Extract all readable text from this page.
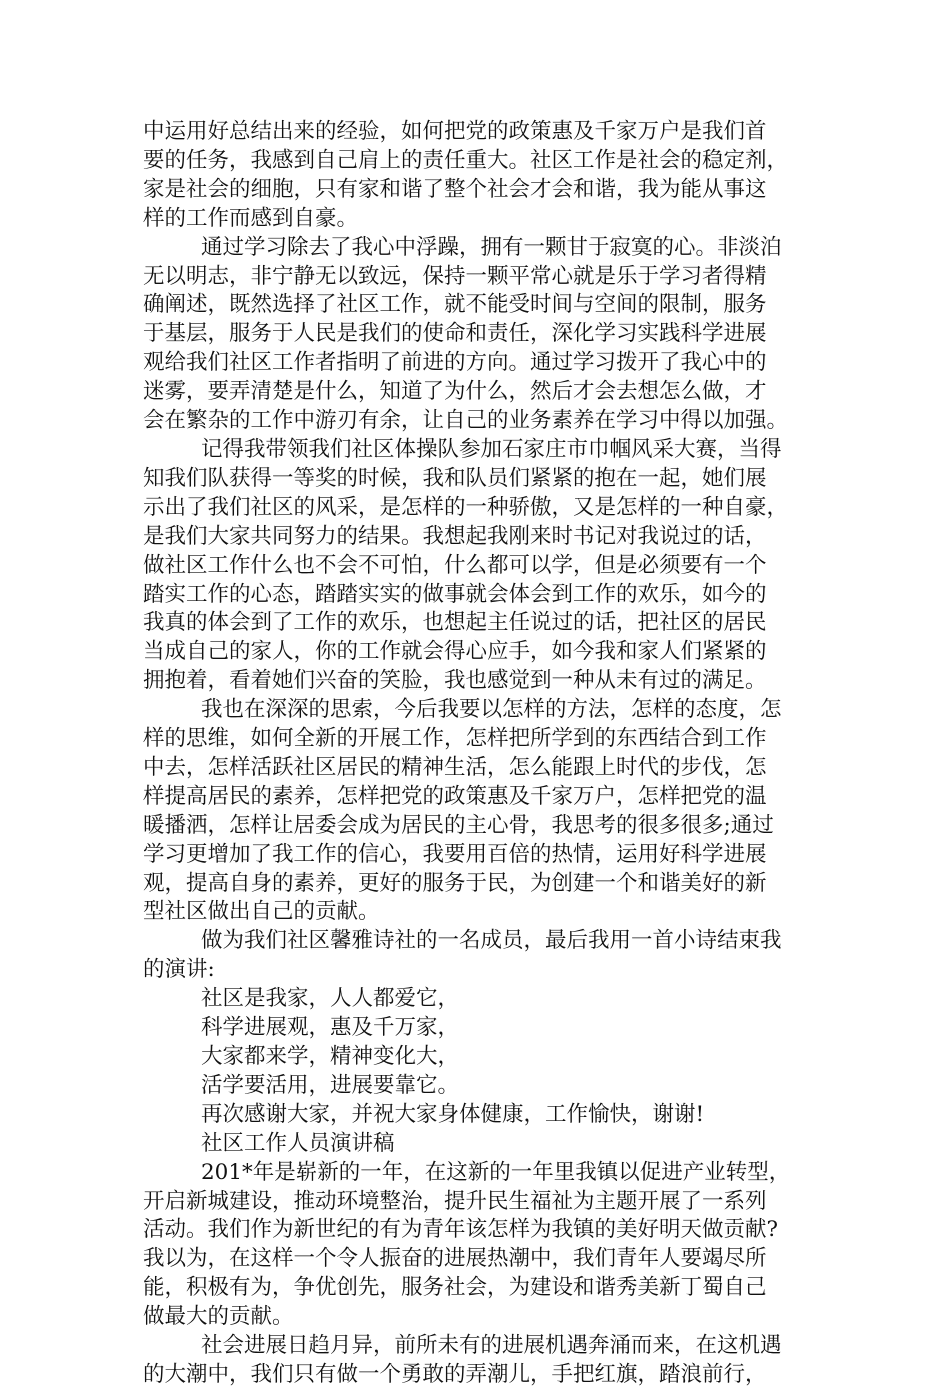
中运用好总结出来的经验，如何把党的政策惠及千家万户是我们首

要的任务，我感到自己肩上的责任重大。社区工作是社会的稳定剂，

家是社会的细胞，只有家和谐了整个社会才会和谐，我为能从事这

样的工作而感到自豪。

通过学习除去了我心中浮躁，拥有一颗甘于寂寞的心。非淡泊

无以明志，非宁静无以致远，保持一颗平常心就是乐于学习者得精

确阐述，既然选择了社区工作，就不能受时间与空间的限制，服务

于基层，服务于人民是我们的使命和责任，深化学习实践科学进展

观给我们社区工作者指明了前进的方向。通过学习拨开了我心中的

迷雾，要弄清楚是什么，知道了为什么，然后才会去想怎么做，才

会在繁杂的工作中游刃有余，让自己的业务素养在学习中得以加强。

记得我带领我们社区体操队参加石家庄市巾帼风采大赛，当得

知我们队获得一等奖的时候，我和队员们紧紧的抱在一起，她们展

示出了我们社区的风采，是怎样的一种骄傲，又是怎样的一种自豪，

是我们大家共同努力的结果。我想起我刚来时书记对我说过的话，

做社区工作什么也不会不可怕，什么都可以学，但是必须要有一个

踏实工作的心态，踏踏实实的做事就会体会到工作的欢乐，如今的

我真的体会到了工作的欢乐，也想起主任说过的话，把社区的居民

当成自己的家人，你的工作就会得心应手，如今我和家人们紧紧的

拥抱着，看着她们兴奋的笑脸，我也感觉到一种从未有过的满足。

我也在深深的思索，今后我要以怎样的方法，怎样的态度，怎

样的思维，如何全新的开展工作，怎样把所学到的东西结合到工作

中去，怎样活跃社区居民的精神生活，怎么能跟上时代的步伐，怎

样提高居民的素养，怎样把党的政策惠及千家万户，怎样把党的温

暖播洒，怎样让居委会成为居民的主心骨，我思考的很多很多;通过

学习更增加了我工作的信心，我要用百倍的热情，运用好科学进展

观，提高自身的素养，更好的服务于民，为创建一个和谐美好的新

型社区做出自己的贡献。

做为我们社区馨雅诗社的一名成员，最后我用一首小诗结束我

的演讲:

社区是我家，人人都爱它，

科学进展观，惠及千万家，

大家都来学，精神变化大，

活学要活用，进展要靠它。

再次感谢大家，并祝大家身体健康，工作愉快，谢谢!

社区工作人员演讲稿

201*年是崭新的一年，在这新的一年里我镇以促进产业转型，

开启新城建设，推动环境整治，提升民生福祉为主题开展了一系列

活动。我们作为新世纪的有为青年该怎样为我镇的美好明天做贡献?

我以为，在这样一个令人振奋的进展热潮中，我们青年人要竭尽所

能，积极有为，争优创先，服务社会，为建设和谐秀美新丁蜀自己

做最大的贡献。

社会进展日趋月异，前所未有的进展机遇奔涌而来，在这机遇

的大潮中，我们只有做一个勇敢的弄潮儿，手把红旗，踏浪前行，
